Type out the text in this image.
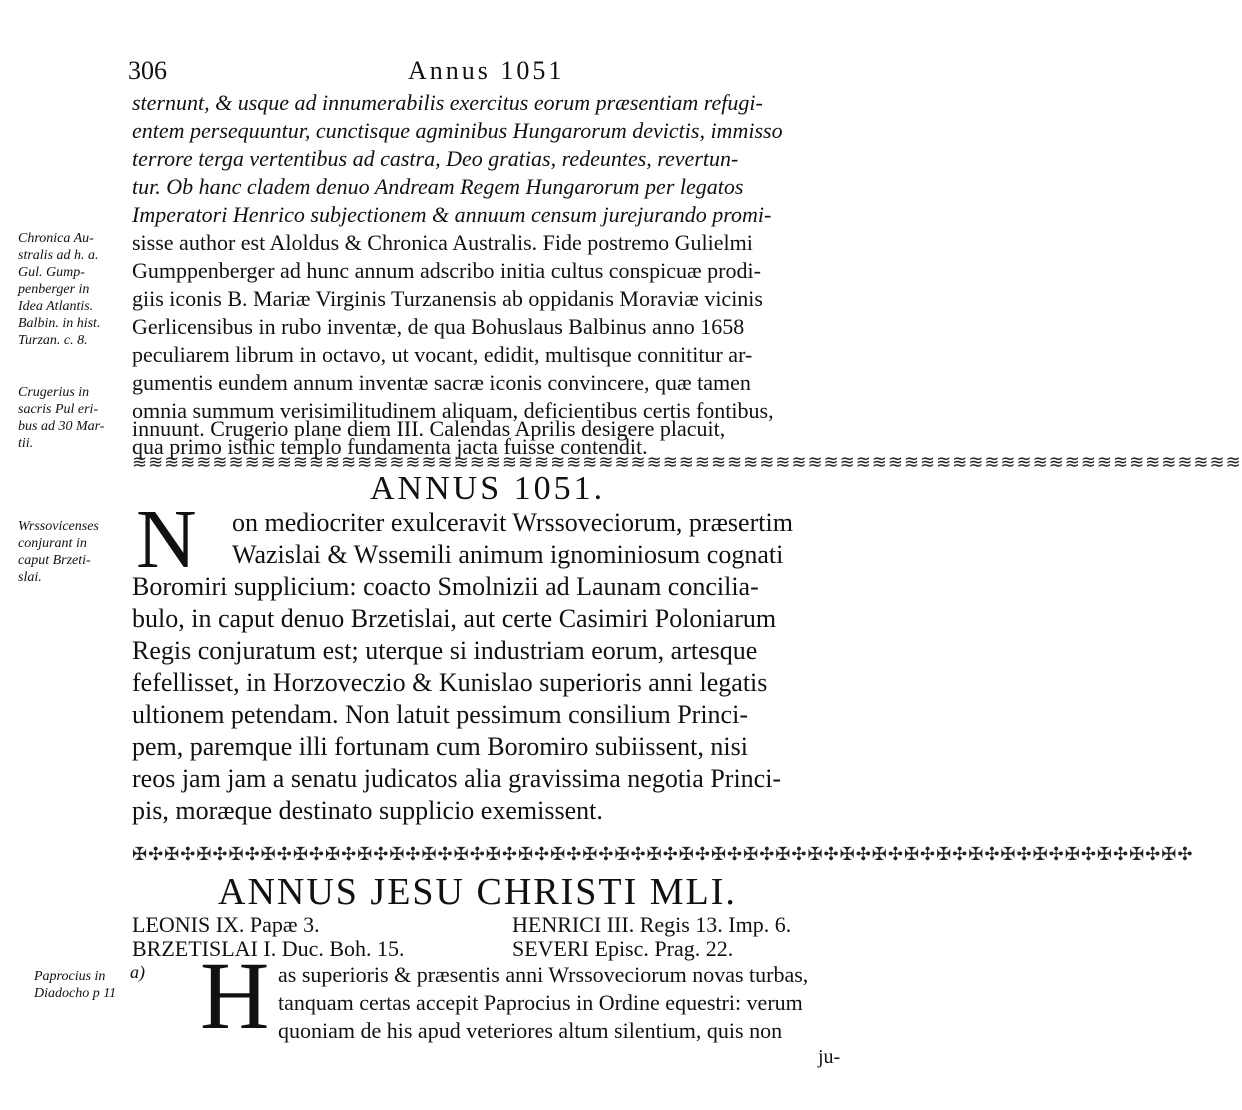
306	Annus 1051
sternunt, & usque ad innumerabilis exercitus eorum præsentiam refugi-
entem persequuntur, cunctisque agminibus Hungarorum devictis, immisso
terrore terga vertentibus ad castra, Deo gratias, redeuntes, revertun-
tur. Ob hanc cladem denuo Andream Regem Hungarorum per legatos
Imperatori Henrico subjectionem & annuum censum jurejurando promi-
sisse author est Aloldus & Chronica Australis. Fide postremo Gulielmi
Gumppenberger ad hunc annum adscribo initia cultus conspicuæ prodi-
giis iconis B. Mariæ Virginis Turzanensis ab oppidanis Moraviæ vicinis
Gerlicensibus in rubo inventæ, de qua Bohuslaus Balbinus anno 1658
peculiarem librum in octavo, ut vocant, edidit, multisque connititur ar-
gumentis eundem annum inventæ sacræ iconis convincere, quæ tamen
omnia summum verisimilitudinem aliquam, deficientibus certis fontibus,
innuunt. Crugerio plane diem III. Calendas Aprilis desigere placuit,
qua primo isthic templo fundamenta jacta fuisse contendit.
Chronica Au-
stralis ad h. a.
Gul. Gump-
penberger in
Idea Atlantis.
Balbin. in hist.
Turzan. c. 8.
Crugerius in
sacris Pul eri-
bus ad 30 Mar-
tii.
Wrssovicenses
conjurant in
caput Brzeti-
slai.
Paprocius in
Diadocho p 11
≋≋≋≋≋≋≋≋≋≋≋≋≋≋≋≋≋≋≋≋≋≋≋≋≋≋≋≋≋≋≋≋≋≋≋≋≋≋≋≋≋≋≋≋≋≋≋≋≋≋≋≋≋≋≋≋≋≋≋≋≋≋≋≋≋≋≋≋≋
ANNUS 1051.
N on mediocriter exulceravit Wrssoveciorum, præsertim
Wazislai & Wssemili animum ignominiosum cognati
Boromiri supplicium: coacto Smolnizii ad Launam concilia-
bulo, in caput denuo Brzetislai, aut certe Casimiri Poloniarum
Regis conjuratum est; uterque si industriam eorum, artesque
fefellisset, in Horzoveczio & Kunislao superioris anni legatis
ultionem petendam. Non latuit pessimum consilium Princi-
pem, paremque illi fortunam cum Boromiro subiissent, nisi
reos jam jam a senatu judicatos alia gravissima negotia Princi-
pis, moræque destinato supplicio exemissent.
✠✣✠✣✠✣✠✣✠✣✠✣✠✣✠✣✠✣✠✣✠✣✠✣✠✣✠✣✠✣✠✣✠✣✠✣✠✣✠✣✠✣✠✣✠✣✠✣✠✣✠✣✠✣✠✣✠✣✠✣✠✣✠✣✠✣
ANNUS JESU CHRISTI MLI.
LEONIS IX. Papæ 3.	HENRICI III. Regis 13. Imp. 6.
BRZETISLAI I. Duc. Boh. 15.	SEVERI Episc. Prag. 22.
a) H as superioris & præsentis anni Wrssoveciorum novas turbas,
tanquam certas accepit Paprocius in Ordine equestri: verum
quoniam de his apud veteriores altum silentium, quis non
ju-
